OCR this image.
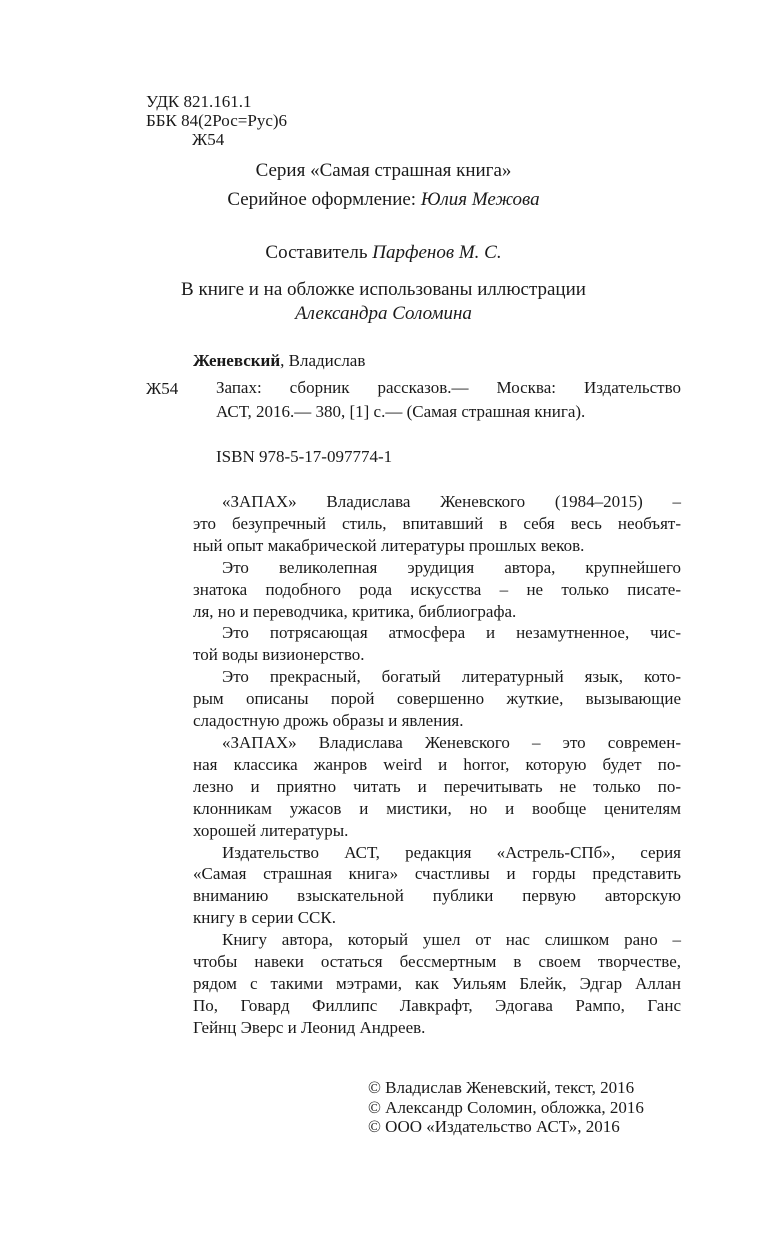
УДК 821.161.1
ББК 84(2Рос=Рус)6
Ж54
Серия «Самая страшная книга»
Серийное оформление: Юлия Межова
Составитель Парфенов М. С.
В книге и на обложке использованы иллюстрации
Александра Соломина
Женевский, Владислав
Ж54 Запах: сборник рассказов.— Москва: Издательство
АСТ, 2016.— 380, [1] с.— (Самая страшная книга).
ISBN 978-5-17-097774-1
«ЗАПАХ» Владислава Женевского (1984–2015) –
это безупречный стиль, впитавший в себя весь необъят-
ный опыт макабрической литературы прошлых веков.
Это великолепная эрудиция автора, крупнейшего
знатока подобного рода искусства – не только писате-
ля, но и переводчика, критика, библиографа.
Это потрясающая атмосфера и незамутненное, чис-
той воды визионерство.
Это прекрасный, богатый литературный язык, кото-
рым описаны порой совершенно жуткие, вызывающие
сладостную дрожь образы и явления.
«ЗАПАХ» Владислава Женевского – это современ-
ная классика жанров weird и horror, которую будет по-
лезно и приятно читать и перечитывать не только по-
клонникам ужасов и мистики, но и вообще ценителям
хорошей литературы.
Издательство АСТ, редакция «Астрель-СПб», серия
«Самая страшная книга» счастливы и горды представить
вниманию взыскательной публики первую авторскую
книгу в серии ССК.
Книгу автора, который ушел от нас слишком рано –
чтобы навеки остаться бессмертным в своем творчестве,
рядом с такими мэтрами, как Уильям Блейк, Эдгар Аллан
По, Говард Филлипс Лавкрафт, Эдогава Рампо, Ганс
Гейнц Эверс и Леонид Андреев.
© Владислав Женевский, текст, 2016
© Александр Соломин, обложка, 2016
© ООО «Издательство АСТ», 2016
